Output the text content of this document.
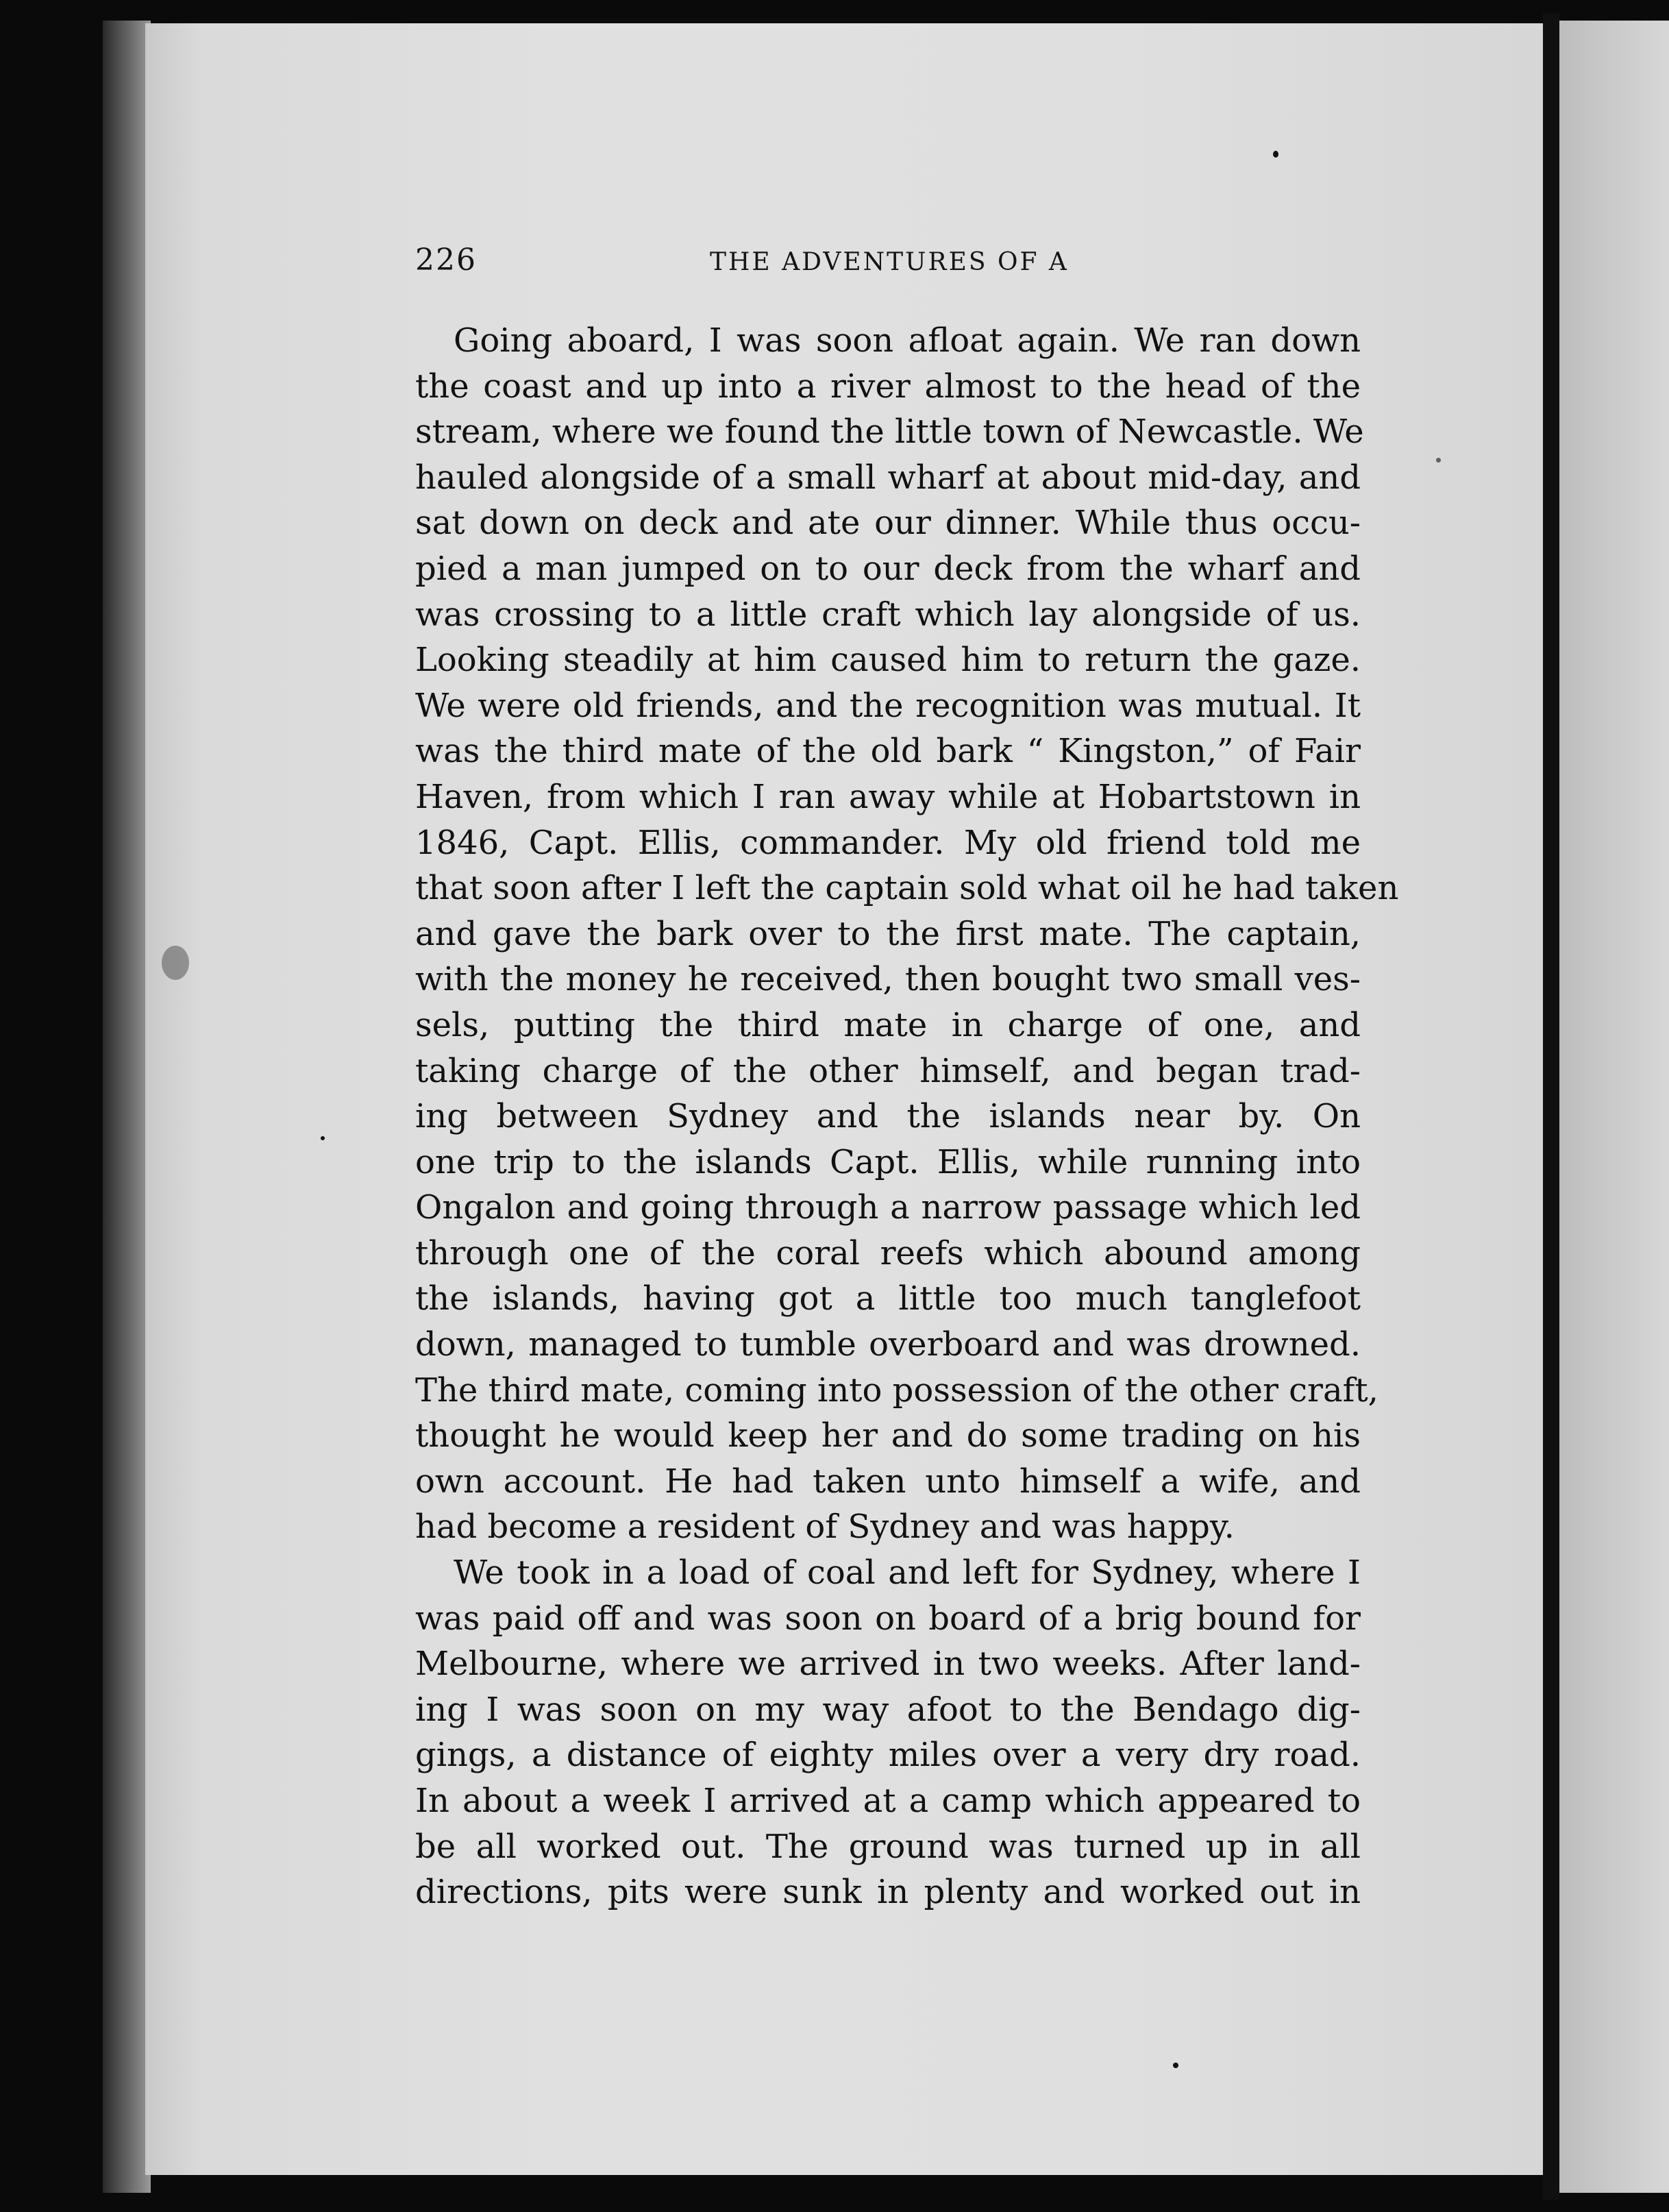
226	THE ADVENTURES OF A
Going aboard, I was soon afloat again. We ran down
the coast and up into a river almost to the head of the
stream, where we found the little town of Newcastle. We
hauled alongside of a small wharf at about mid-day, and
sat down on deck and ate our dinner. While thus occu-
pied a man jumped on to our deck from the wharf and
was crossing to a little craft which lay alongside of us.
Looking steadily at him caused him to return the gaze.
We were old friends, and the recognition was mutual. It
was the third mate of the old bark “ Kingston,” of Fair
Haven, from which I ran away while at Hobartstown in
1846, Capt. Ellis, commander. My old friend told me
that soon after I left the captain sold what oil he had taken
and gave the bark over to the first mate. The captain,
with the money he received, then bought two small ves-
sels, putting the third mate in charge of one, and
taking charge of the other himself, and began trad-
ing between Sydney and the islands near by. On
one trip to the islands Capt. Ellis, while running into
Ongalon and going through a narrow passage which led
through one of the coral reefs which abound among
the islands, having got a little too much tanglefoot
down, managed to tumble overboard and was drowned.
The third mate, coming into possession of the other craft,
thought he would keep her and do some trading on his
own account. He had taken unto himself a wife, and
had become a resident of Sydney and was happy.
We took in a load of coal and left for Sydney, where I
was paid off and was soon on board of a brig bound for
Melbourne, where we arrived in two weeks. After land-
ing I was soon on my way afoot to the Bendago dig-
gings, a distance of eighty miles over a very dry road.
In about a week I arrived at a camp which appeared to
be all worked out. The ground was turned up in all
directions, pits were sunk in plenty and worked out in
